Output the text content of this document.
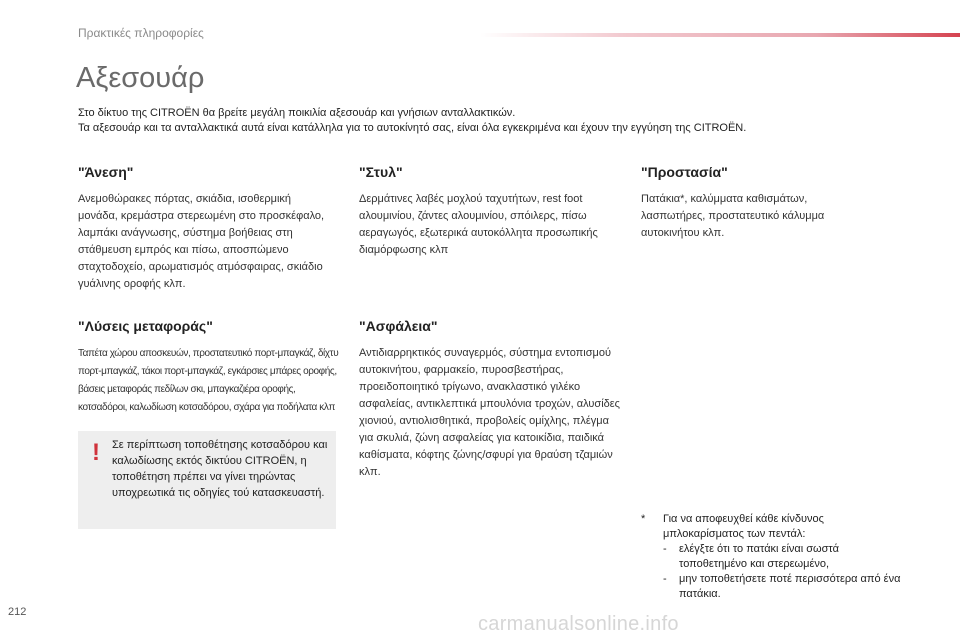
Πρακτικές πληροφορίες
Αξεσουάρ
Στο δίκτυο της CITROËN θα βρείτε μεγάλη ποικιλία αξεσουάρ και γνήσιων ανταλλακτικών.
Τα αξεσουάρ και τα ανταλλακτικά αυτά είναι κατάλληλα για το αυτοκίνητό σας, είναι όλα εγκεκριμένα και έχουν την εγγύηση της CITROËN.
"Άνεση"

Ανεμοθώρακες πόρτας, σκιάδια, ισοθερμική μονάδα, κρεμάστρα στερεωμένη στο προσκέφαλο, λαμπάκι ανάγνωσης, σύστημα βοήθειας στη στάθμευση εμπρός και πίσω, αποσπώμενο σταχτοδοχείο, αρωματισμός ατμόσφαιρας, σκιάδιο γυάλινης οροφής κλπ.

"Στυλ"

Δερμάτινες λαβές μοχλού ταχυτήτων, rest foot αλουμινίου, ζάντες αλουμινίου, σπόιλερς, πίσω αεραγωγός, εξωτερικά αυτοκόλλητα προσωπικής διαμόρφωσης κλπ

"Προστασία"

Πατάκια*, καλύμματα καθισμάτων, λασπωτήρες, προστατευτικό κάλυμμα αυτοκινήτου κλπ.

"Λύσεις μεταφοράς"

Ταπέτα χώρου αποσκευών, προστατευτικό πορτ-μπαγκάζ, δίχτυ πορτ-μπαγκάζ, τάκοι πορτ-μπαγκάζ, εγκάρσιες μπάρες οροφής, βάσεις μεταφοράς πεδίλων σκι, μπαγκαζιέρα οροφής, κοτσαδόροι, καλωδίωση κοτσαδόρου, σχάρα για ποδήλατα κλπ

"Ασφάλεια"

Αντιδιαρρηκτικός συναγερμός, σύστημα εντοπισμού αυτοκινήτου, φαρμακείο, πυροσβεστήρας, προειδοποιητικό τρίγωνο, ανακλαστικό γιλέκο ασφαλείας, αντικλεπτικά μπουλόνια τροχών, αλυσίδες χιονιού, αντιολισθητικά, προβολείς ομίχλης, πλέγμα για σκυλιά, ζώνη ασφαλείας για κατοικίδια, παιδικά καθίσματα, κόφτης ζώνης/σφυρί για θραύση τζαμιών κλπ.

!	Σε περίπτωση τοποθέτησης κοτσαδόρου και καλωδίωσης εκτός δικτύου CITROËN, η τοποθέτηση πρέπει να γίνει τηρώντας υποχρεωτικά τις οδηγίες τού κατασκευαστή.
*	Για να αποφευχθεί κάθε κίνδυνος μπλοκαρίσματος των πεντάλ:
-	ελέγξτε ότι το πατάκι είναι σωστά τοποθετημένο και στερεωμένο,
-	μην τοποθετήσετε ποτέ περισσότερα από ένα πατάκια.
212
carmanualsonline.info
